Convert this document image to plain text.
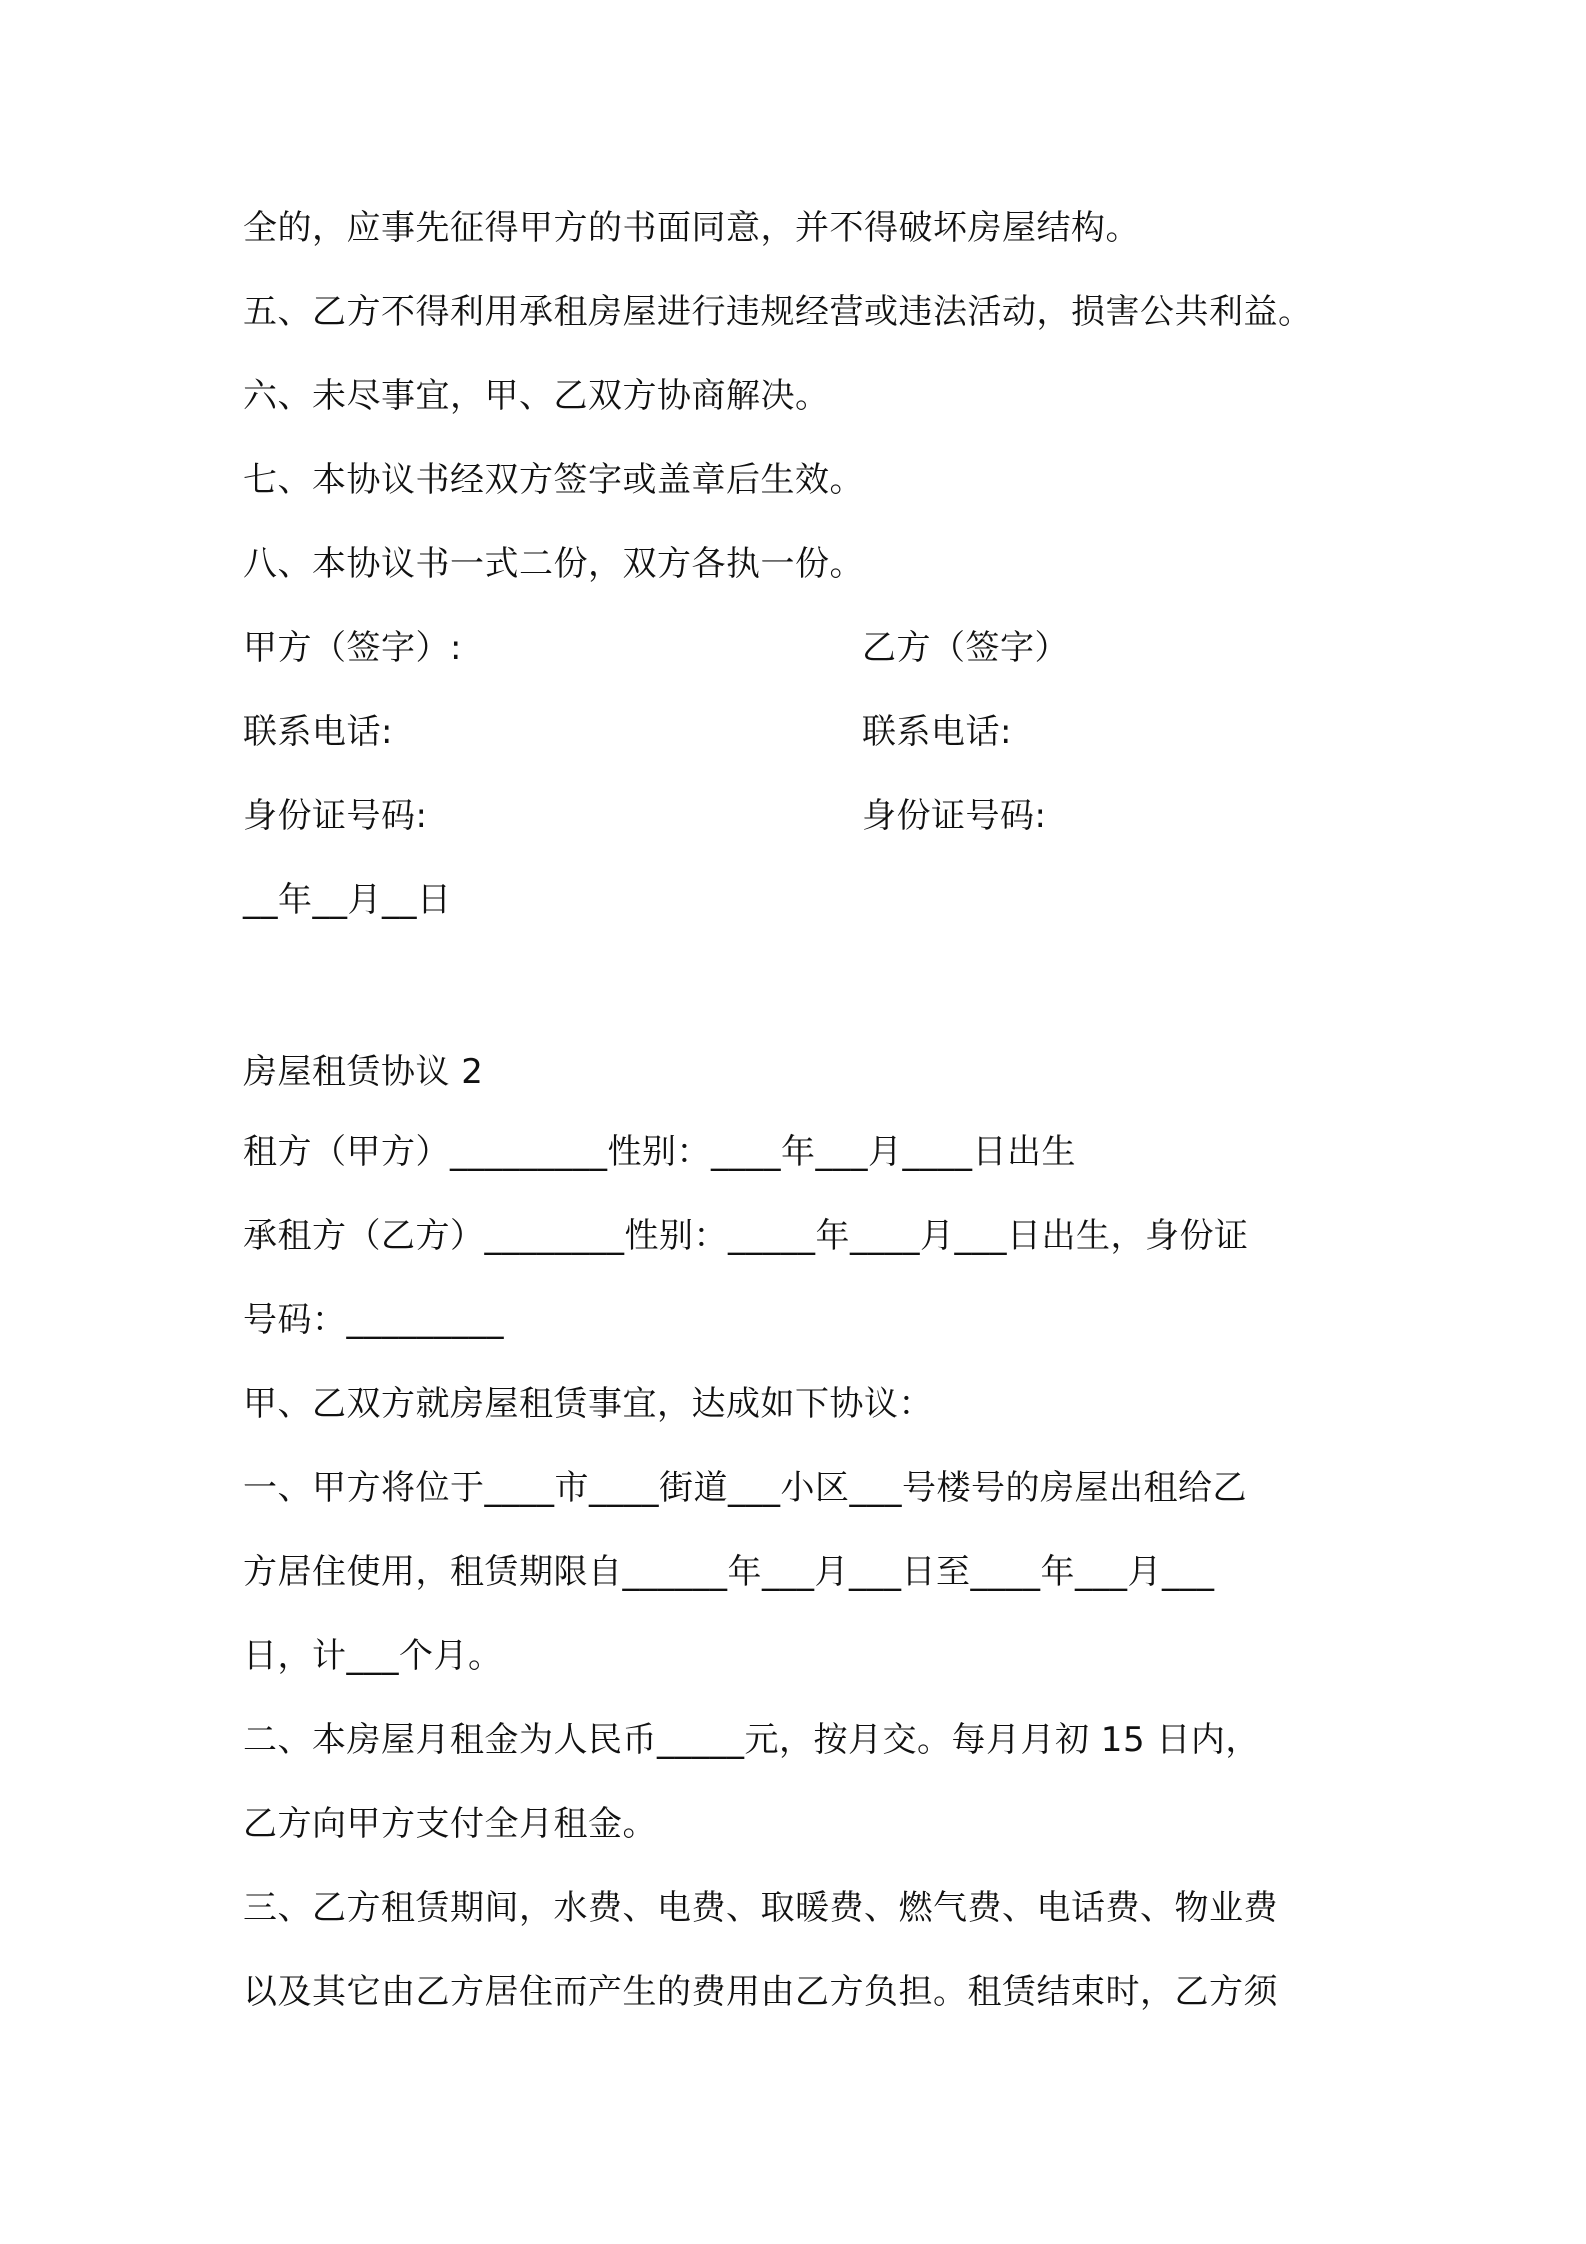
全的，应事先征得甲方的书面同意，并不得破坏房屋结构。
五、乙方不得利用承租房屋进行违规经营或违法活动，损害公共利益。
六、未尽事宜，甲、乙双方协商解决。
七、本协议书经双方签字或盖章后生效。
八、本协议书一式二份，双方各执一份。
甲方（签字）:	乙方（签字）
联系电话:	联系电话:
身份证号码:	身份证号码:
__年__月__日
房屋租赁协议 2
租方（甲方）_________性别：____年___月____日出生
承租方（乙方）________性别：_____年____月___日出生，身份证
号码：_________
甲、乙双方就房屋租赁事宜，达成如下协议：
一、甲方将位于____市____街道___小区___号楼号的房屋出租给乙
方居住使用，租赁期限自______年___月___日至____年___月___
日，计___个月。
二、本房屋月租金为人民币_____元，按月交。每月月初 15 日内，
乙方向甲方支付全月租金。
三、乙方租赁期间，水费、电费、取暖费、燃气费、电话费、物业费
以及其它由乙方居住而产生的费用由乙方负担。租赁结束时，乙方须
